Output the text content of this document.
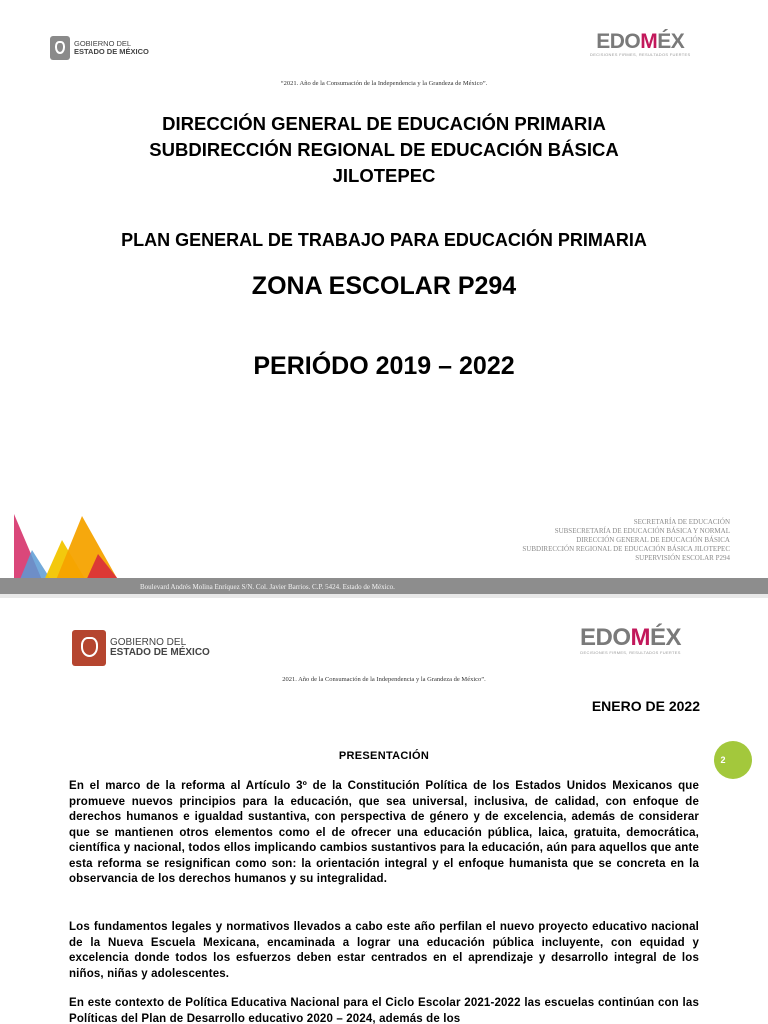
GOBIERNO DEL
ESTADO DE MÉXICO	EDOMÉX
DECISIONES FIRMES, RESULTADOS FUERTES
“2021. Año de la Consumación de la Independencia y la Grandeza de México”.
DIRECCIÓN GENERAL DE EDUCACIÓN PRIMARIA
SUBDIRECCIÓN REGIONAL DE EDUCACIÓN BÁSICA
JILOTEPEC
PLAN GENERAL DE TRABAJO PARA EDUCACIÓN PRIMARIA
ZONA ESCOLAR P294
PERIÓDO 2019 – 2022
SECRETARÍA DE EDUCACIÓN
SUBSECRETARÍA DE EDUCACIÓN BÁSICA Y NORMAL
DIRECCIÓN GENERAL DE EDUCACIÓN BÁSICA
SUBDIRECCIÓN REGIONAL DE EDUCACIÓN BÁSICA JILOTEPEC
SUPERVISIÓN ESCOLAR P294
Boulevard Andrés Molina Enríquez S/N. Col. Javier Barrios. C.P. 5424. Estado de México.
GOBIERNO DEL
ESTADO DE MÉXICO
EDOMÉX
DECISIONES FIRMES, RESULTADOS FUERTES
2021. Año de la Consumación de la Independencia y la Grandeza de México”.
ENERO DE 2022
PRESENTACIÓN	2
En el marco de la reforma al Artículo 3º de la Constitución Política de los Estados Unidos Mexicanos que promueve nuevos principios para la educación, que sea universal, inclusiva, de calidad, con enfoque de derechos humanos e igualdad sustantiva, con perspectiva de género y de excelencia, además de considerar que se mantienen otros elementos como el de ofrecer una educación pública, laica, gratuita, democrática, científica y nacional, todos ellos implicando cambios sustantivos para la educación, aún para aquellos que ante esta reforma se resignifican como son: la orientación integral y el enfoque humanista que se concreta en la observancia de los derechos humanos y su integralidad.
Los fundamentos legales y normativos llevados a cabo este año perfilan el nuevo proyecto educativo nacional de la Nueva Escuela Mexicana, encaminada a lograr una educación pública incluyente, con equidad y excelencia donde todos los esfuerzos deben estar centrados en el aprendizaje y desarrollo integral de los niños, niñas y adolescentes.
En este contexto de Política Educativa Nacional para el Ciclo Escolar 2021-2022 las escuelas continúan con las Políticas del Plan de Desarrollo educativo 2020 – 2024, además de los
